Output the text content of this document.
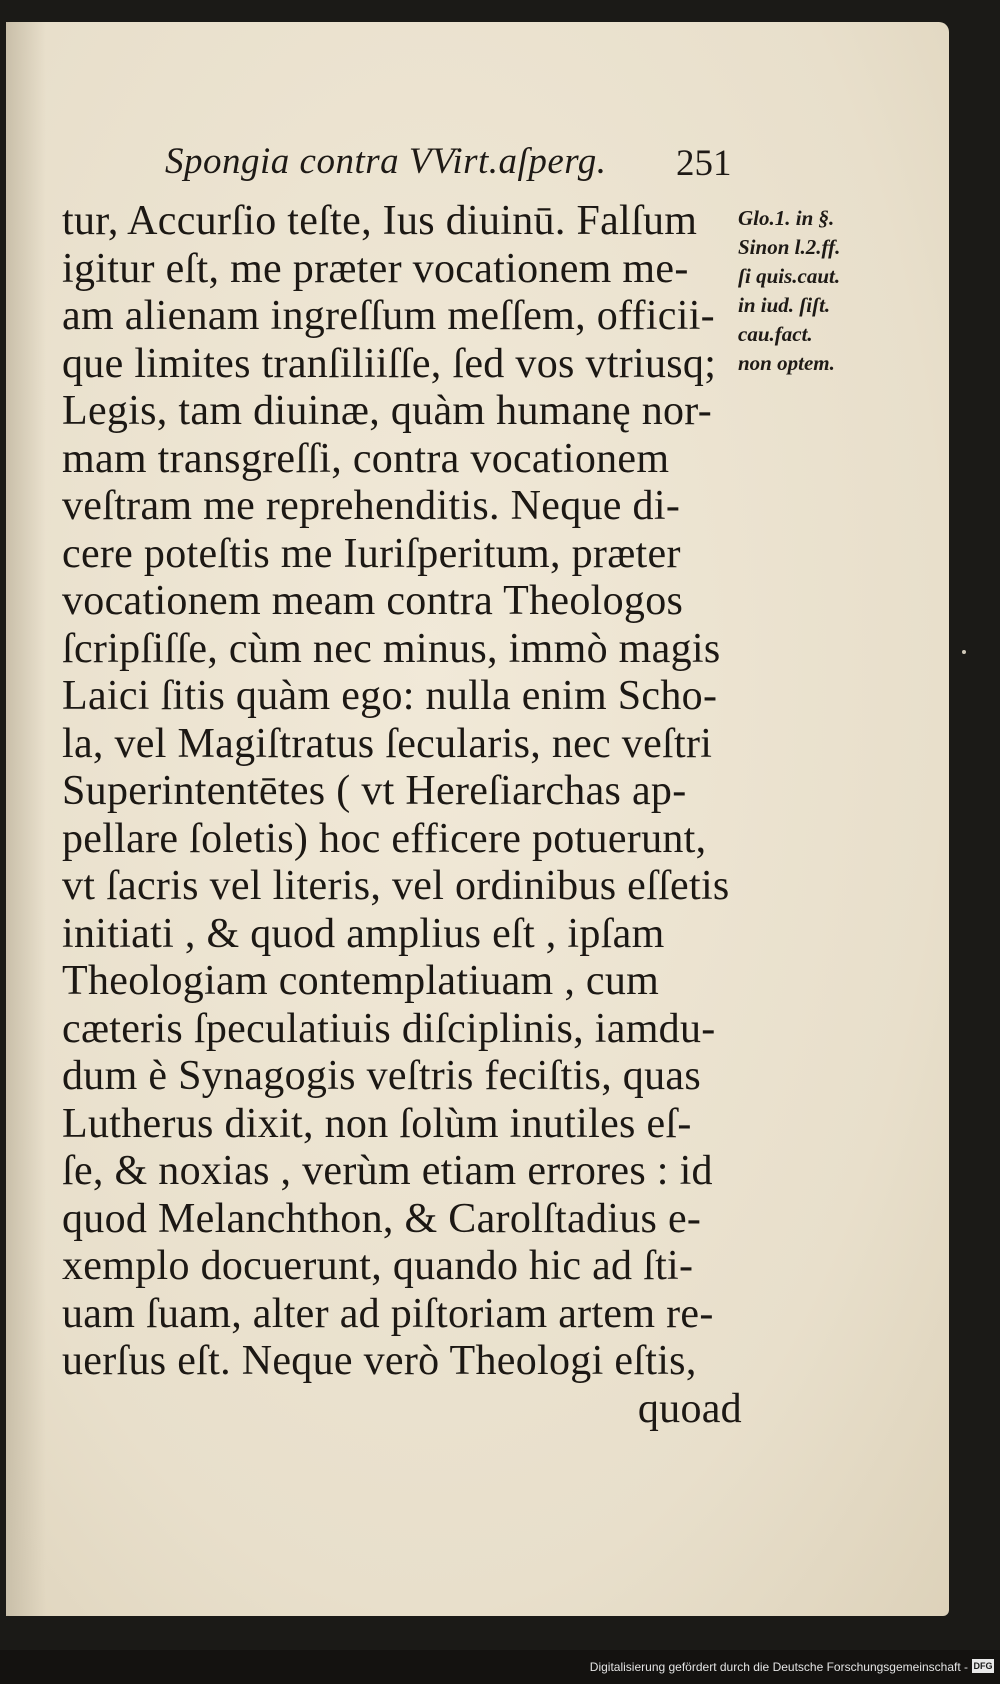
Spongia contra VVirt.aſperg. 251
tur, Accurſio teſte, Ius diuinū. Falſum
igitur eſt, me præter vocationem me-
am alienam ingreſſum meſſem, officii-
que limites tranſiliiſſe, ſed vos vtriusq;
Legis, tam diuinæ, quàm humanę nor-
mam transgreſſi, contra vocationem
veſtram me reprehenditis. Neque di-
cere poteſtis me Iuriſperitum, præter
vocationem meam contra Theologos
ſcripſiſſe, cùm nec minus, immò magis
Laici ſitis quàm ego: nulla enim Scho-
la, vel Magiſtratus ſecularis, nec veſtri
Superintentētes ( vt Hereſiarchas ap-
pellare ſoletis) hoc efficere potuerunt,
vt ſacris vel literis, vel ordinibus eſſetis
initiati , & quod amplius eſt , ipſam
Theologiam contemplatiuam , cum
cæteris ſpeculatiuis diſciplinis, iamdu-
dum è Synagogis veſtris feciſtis, quas
Lutherus dixit, non ſolùm inutiles eſ-
ſe, & noxias , verùm etiam errores : id
quod Melanchthon, & Carolſtadius e-
xemplo docuerunt, quando hic ad ſti-
uam ſuam, alter ad piſtoriam artem re-
uerſus eſt. Neque verò Theologi eſtis,
quoad
Glo.1. in §.
Sinon l.2.ff.
ſi quis.caut.
in iud. ſiſt.
cau.fact.
non optem.
Digitalisierung gefördert durch die Deutsche Forschungsgemeinschaft - DFG
